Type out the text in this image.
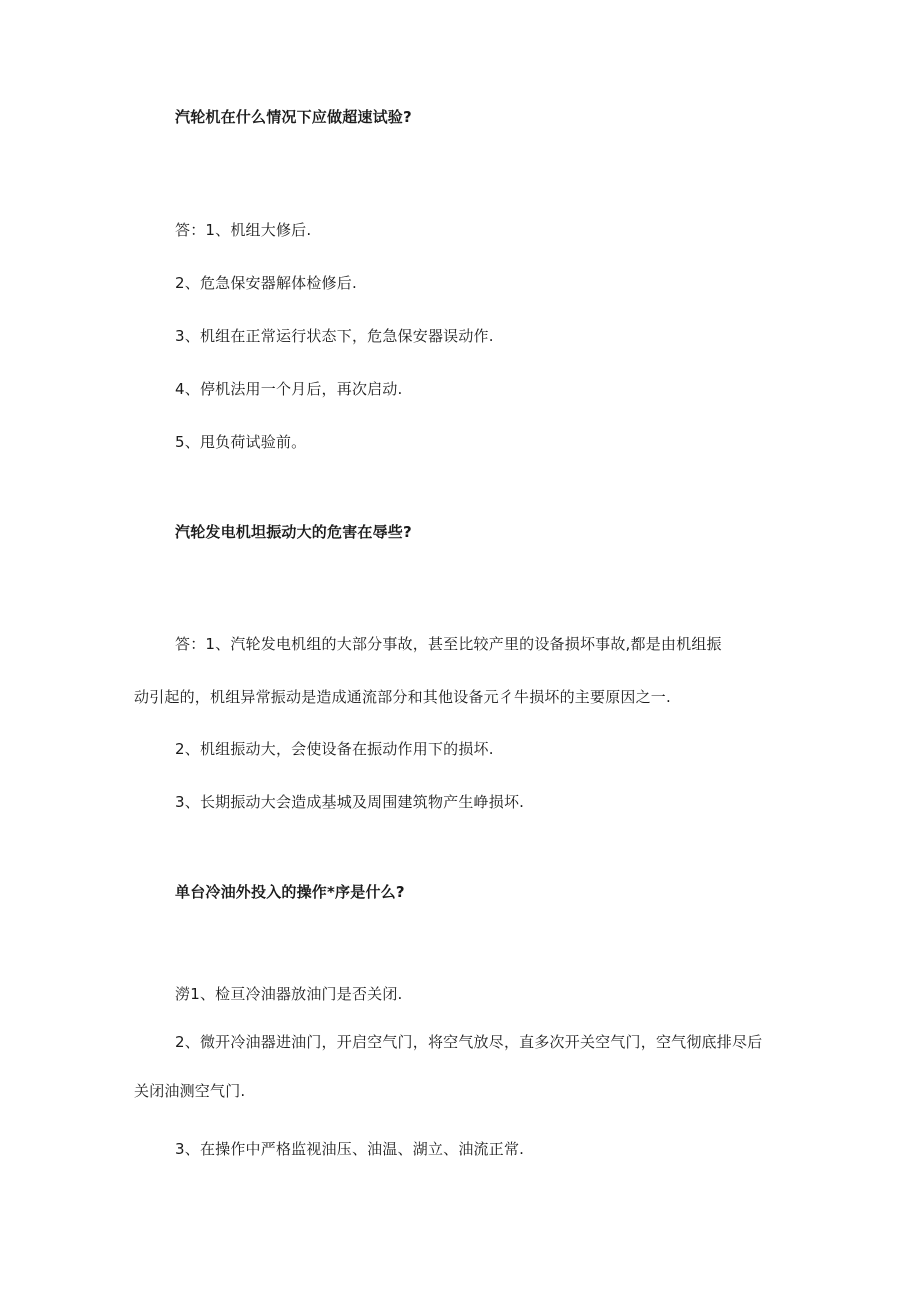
汽轮机在什么情况下应做超速试验?

答：1、机组大修后.

2、危急保安器解体检修后.

3、机组在正常运行状态下，危急保安器误动作.

4、停机法用一个月后，再次启动.

5、甩负荷试验前。

汽轮发电机坦振动大的危害在辱些?

答：1、汽轮发电机组的大部分事故，甚至比较产里的设备损坏事故,都是由机组振

动引起的，机组异常振动是造成通流部分和其他设备元彳牛损坏的主要原因之一.

2、机组振动大，会使设备在振动作用下的损坏.

3、长期振动大会造成基城及周围建筑物产生峥损坏.

单台冷油外投入的操作*序是什么?

澇1、检亘冷油器放油门是否关闭.

2、微开冷油器进油门，开启空气门，将空气放尽，直多次开关空气门，空气彻底排尽后

关闭油测空气门.

3、在操作中严格监视油压、油温、湖立、油流正常.
